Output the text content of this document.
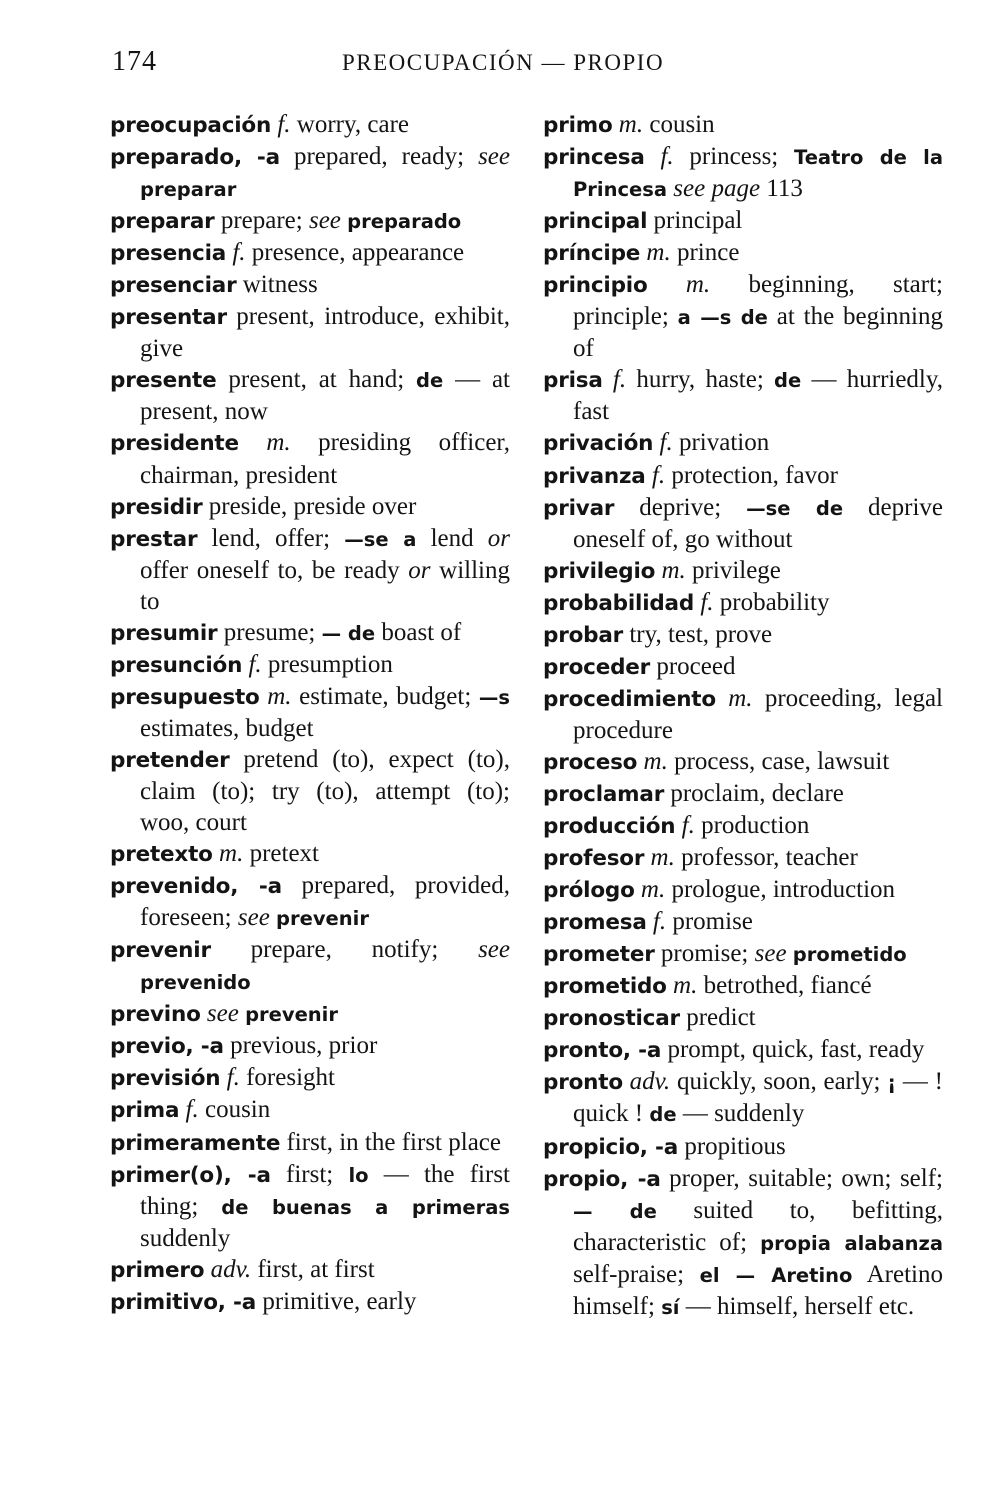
174	PREOCUPACIÓN — PROPIO
preocupación f. worry, care
preparado, -a prepared, ready; see preparar
preparar prepare; see preparado
presencia f. presence, appearance
presenciar witness
presentar present, introduce, exhibit, give
presente present, at hand; de — at present, now
presidente m. presiding officer, chairman, president
presidir preside, preside over
prestar lend, offer; —se a lend or offer oneself to, be ready or willing to
presumir presume; — de boast of
presunción f. presumption
presupuesto m. estimate, budget; —s estimates, budget
pretender pretend (to), expect (to), claim (to); try (to), attempt (to); woo, court
pretexto m. pretext
prevenido, -a prepared, provided, foreseen; see prevenir
prevenir prepare, notify; see prevenido
previno see prevenir
previo, -a previous, prior
previsión f. foresight
prima f. cousin
primeramente first, in the first place
primer(o), -a first; lo — the first thing; de buenas a primeras suddenly
primero adv. first, at first
primitivo, -a primitive, early
primo m. cousin
princesa f. princess; Teatro de la Princesa see page 113
principal principal
príncipe m. prince
principio m. beginning, start; principle; a —s de at the beginning of
prisa f. hurry, haste; de — hurriedly, fast
privación f. privation
privanza f. protection, favor
privar deprive; —se de deprive oneself of, go without
privilegio m. privilege
probabilidad f. probability
probar try, test, prove
proceder proceed
procedimiento m. proceeding, legal procedure
proceso m. process, case, lawsuit
proclamar proclaim, declare
producción f. production
profesor m. professor, teacher
prólogo m. prologue, introduction
promesa f. promise
prometer promise; see prometido
prometido m. betrothed, fiancé
pronosticar predict
pronto, -a prompt, quick, fast, ready
pronto adv. quickly, soon, early; ¡ — ! quick ! de — suddenly
propicio, -a propitious
propio, -a proper, suitable; own; self; — de suited to, befitting, characteristic of; propia alabanza self-praise; el — Aretino Aretino himself; sí — himself, herself etc.
